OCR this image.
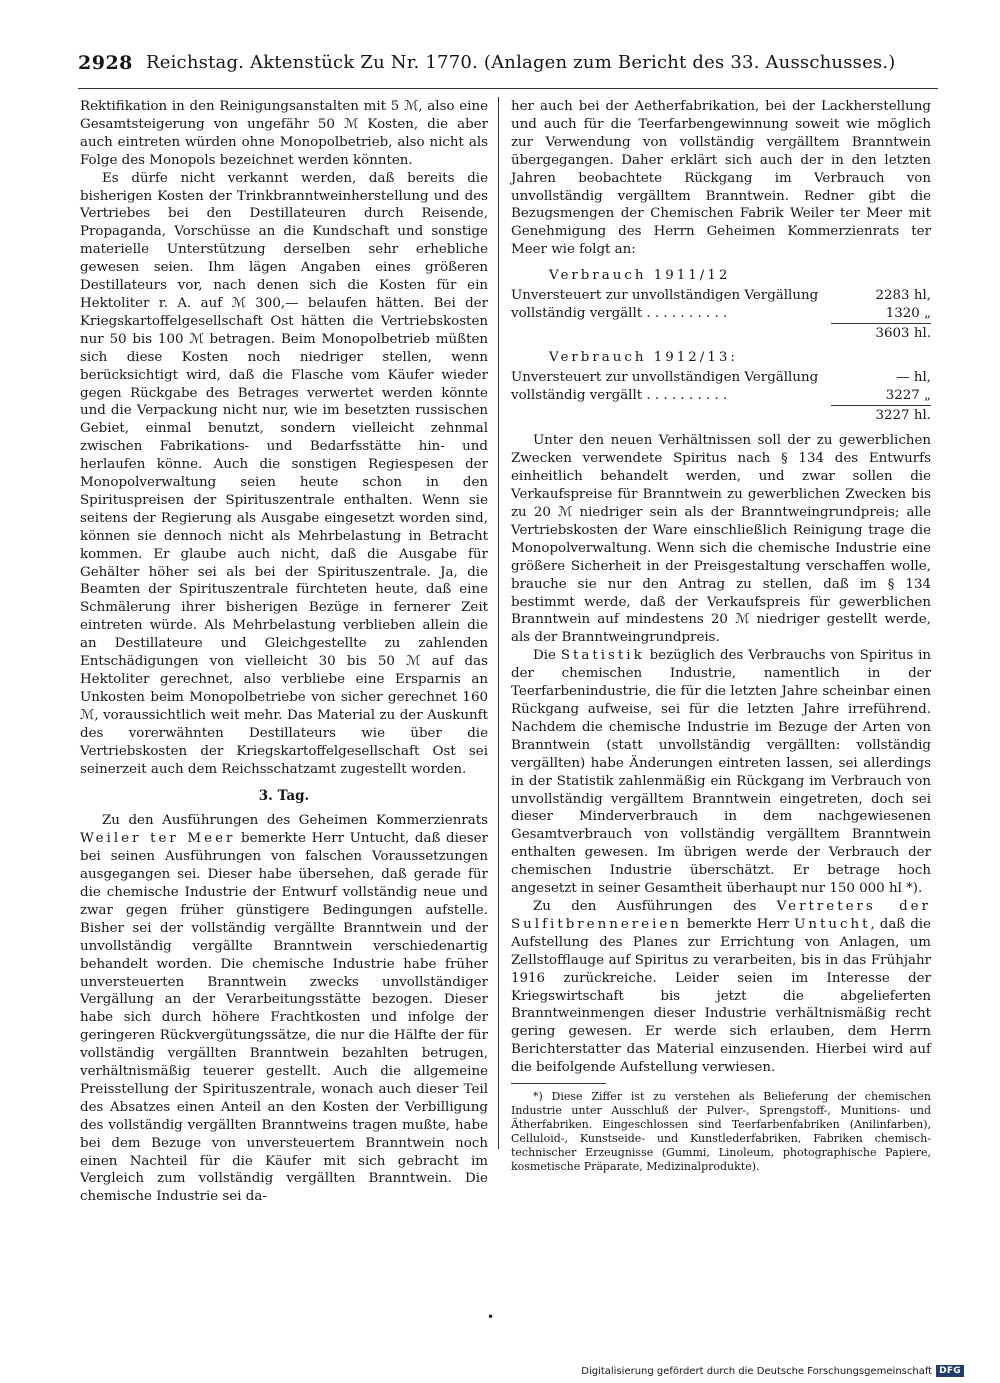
2928 Reichstag. Aktenstück Zu Nr. 1770. (Anlagen zum Bericht des 33. Ausschusses.)

Rektifikation in den Reinigungsanstalten mit 5 ℳ, also eine Gesamtsteigerung von ungefähr 50 ℳ Kosten, die aber auch eintreten würden ohne Monopolbetrieb, also nicht als Folge des Monopols bezeichnet werden könnten.

Es dürfe nicht verkannt werden, daß bereits die bisherigen Kosten der Trinkbranntweinherstellung und des Vertriebes bei den Destillateuren durch Reisende, Propaganda, Vorschüsse an die Kundschaft und sonstige materielle Unterstützung derselben sehr erhebliche gewesen seien. Ihm lägen Angaben eines größeren Destillateurs vor, nach denen sich die Kosten für ein Hektoliter r. A. auf ℳ 300,— belaufen hätten. Bei der Kriegskartoffelgesellschaft Ost hätten die Vertriebskosten nur 50 bis 100 ℳ betragen. Beim Monopolbetrieb müßten sich diese Kosten noch niedriger stellen, wenn berücksichtigt wird, daß die Flasche vom Käufer wieder gegen Rückgabe des Betrages verwertet werden könnte und die Verpackung nicht nur, wie im besetzten russischen Gebiet, einmal benutzt, sondern vielleicht zehnmal zwischen Fabrikations- und Bedarfsstätte hin- und herlaufen könne. Auch die sonstigen Regiespesen der Monopolverwaltung seien heute schon in den Spirituspreisen der Spirituszentrale enthalten. Wenn sie seitens der Regierung als Ausgabe eingesetzt worden sind, können sie dennoch nicht als Mehrbelastung in Betracht kommen. Er glaube auch nicht, daß die Ausgabe für Gehälter höher sei als bei der Spirituszentrale. Ja, die Beamten der Spirituszentrale fürchteten heute, daß eine Schmälerung ihrer bisherigen Bezüge in fernerer Zeit eintreten würde. Als Mehrbelastung verblieben allein die an Destillateure und Gleichgestellte zu zahlenden Entschädigungen von vielleicht 30 bis 50 ℳ auf das Hektoliter gerechnet, also verbliebe eine Ersparnis an Unkosten beim Monopolbetriebe von sicher gerechnet 160 ℳ, voraussichtlich weit mehr. Das Material zu der Auskunft des vorerwähnten Destillateurs wie über die Vertriebskosten der Kriegskartoffelgesellschaft Ost sei seinerzeit auch dem Reichsschatzamt zugestellt worden.

3. Tag.

Zu den Ausführungen des Geheimen Kommerzienrats Weiler ter Meer bemerkte Herr Untucht, daß dieser bei seinen Ausführungen von falschen Voraussetzungen ausgegangen sei. Dieser habe übersehen, daß gerade für die chemische Industrie der Entwurf vollständig neue und zwar gegen früher günstigere Bedingungen aufstelle. Bisher sei der vollständig vergällte Branntwein und der unvollständig vergällte Branntwein verschiedenartig behandelt worden. Die chemische Industrie habe früher unversteuerten Branntwein zwecks unvollständiger Vergällung an der Verarbeitungsstätte bezogen. Dieser habe sich durch höhere Frachtkosten und infolge der geringeren Rückvergütungssätze, die nur die Hälfte der für vollständig vergällten Branntwein bezahlten betrugen, verhältnismäßig teuerer gestellt. Auch die allgemeine Preisstellung der Spirituszentrale, wonach auch dieser Teil des Absatzes einen Anteil an den Kosten der Verbilligung des vollständig vergällten Branntweins tragen mußte, habe bei dem Bezuge von unversteuertem Branntwein noch einen Nachteil für die Käufer mit sich gebracht im Vergleich zum vollständig vergällten Branntwein. Die chemische Industrie sei da-

her auch bei der Aetherfabrikation, bei der Lackherstellung und auch für die Teerfarbengewinnung soweit wie möglich zur Verwendung von vollständig vergälltem Branntwein übergegangen. Daher erklärt sich auch der in den letzten Jahren beobachtete Rückgang im Verbrauch von unvollständig vergälltem Branntwein. Redner gibt die Bezugsmengen der Chemischen Fabrik Weiler ter Meer mit Genehmigung des Herrn Geheimen Kommerzienrats ter Meer wie folgt an:

Verbrauch 1911/12
Unversteuert zur unvollständigen Vergällung	2283 hl,
vollständig vergällt . . . . . . . . . .	1320 „
3603 hl.
Verbrauch 1912/13:
Unversteuert zur unvollständigen Vergällung	— hl,
vollständig vergällt . . . . . . . . . .	3227 „
3227 hl.

Unter den neuen Verhältnissen soll der zu gewerblichen Zwecken verwendete Spiritus nach § 134 des Entwurfs einheitlich behandelt werden, und zwar sollen die Verkaufspreise für Branntwein zu gewerblichen Zwecken bis zu 20 ℳ niedriger sein als der Branntweingrundpreis; alle Vertriebskosten der Ware einschließlich Reinigung trage die Monopolverwaltung. Wenn sich die chemische Industrie eine größere Sicherheit in der Preisgestaltung verschaffen wolle, brauche sie nur den Antrag zu stellen, daß im § 134 bestimmt werde, daß der Verkaufspreis für gewerblichen Branntwein auf mindestens 20 ℳ niedriger gestellt werde, als der Branntweingrundpreis.

Die Statistik bezüglich des Verbrauchs von Spiritus in der chemischen Industrie, namentlich in der Teerfarbenindustrie, die für die letzten Jahre scheinbar einen Rückgang aufweise, sei für die letzten Jahre irreführend. Nachdem die chemische Industrie im Bezuge der Arten von Branntwein (statt unvollständig vergällten: vollständig vergällten) habe Änderungen eintreten lassen, sei allerdings in der Statistik zahlenmäßig ein Rückgang im Verbrauch von unvollständig vergälltem Branntwein eingetreten, doch sei dieser Minderverbrauch in dem nachgewiesenen Gesamtverbrauch von vollständig vergälltem Branntwein enthalten gewesen. Im übrigen werde der Verbrauch der chemischen Industrie überschätzt. Er betrage hoch angesetzt in seiner Gesamtheit überhaupt nur 150 000 hl *).

Zu den Ausführungen des Vertreters der Sulfitbrennereien bemerkte Herr Untucht, daß die Aufstellung des Planes zur Errichtung von Anlagen, um Zellstofflauge auf Spiritus zu verarbeiten, bis in das Frühjahr 1916 zurückreiche. Leider seien im Interesse der Kriegswirtschaft bis jetzt die abgelieferten Branntweinmengen dieser Industrie verhältnismäßig recht gering gewesen. Er werde sich erlauben, dem Herrn Berichterstatter das Material einzusenden. Hierbei wird auf die beifolgende Aufstellung verwiesen.

*) Diese Ziffer ist zu verstehen als Belieferung der chemischen Industrie unter Ausschluß der Pulver-, Sprengstoff-, Munitions- und Ätherfabriken. Eingeschlossen sind Teerfarbenfabriken (Anilinfarben), Celluloid-, Kunstseide- und Kunstlederfabriken, Fabriken chemisch-technischer Erzeugnisse (Gummi, Linoleum, photographische Papiere, kosmetische Präparate, Medizinalprodukte).

•
Digitalisierung gefördert durch die Deutsche Forschungsgemeinschaft DFG
